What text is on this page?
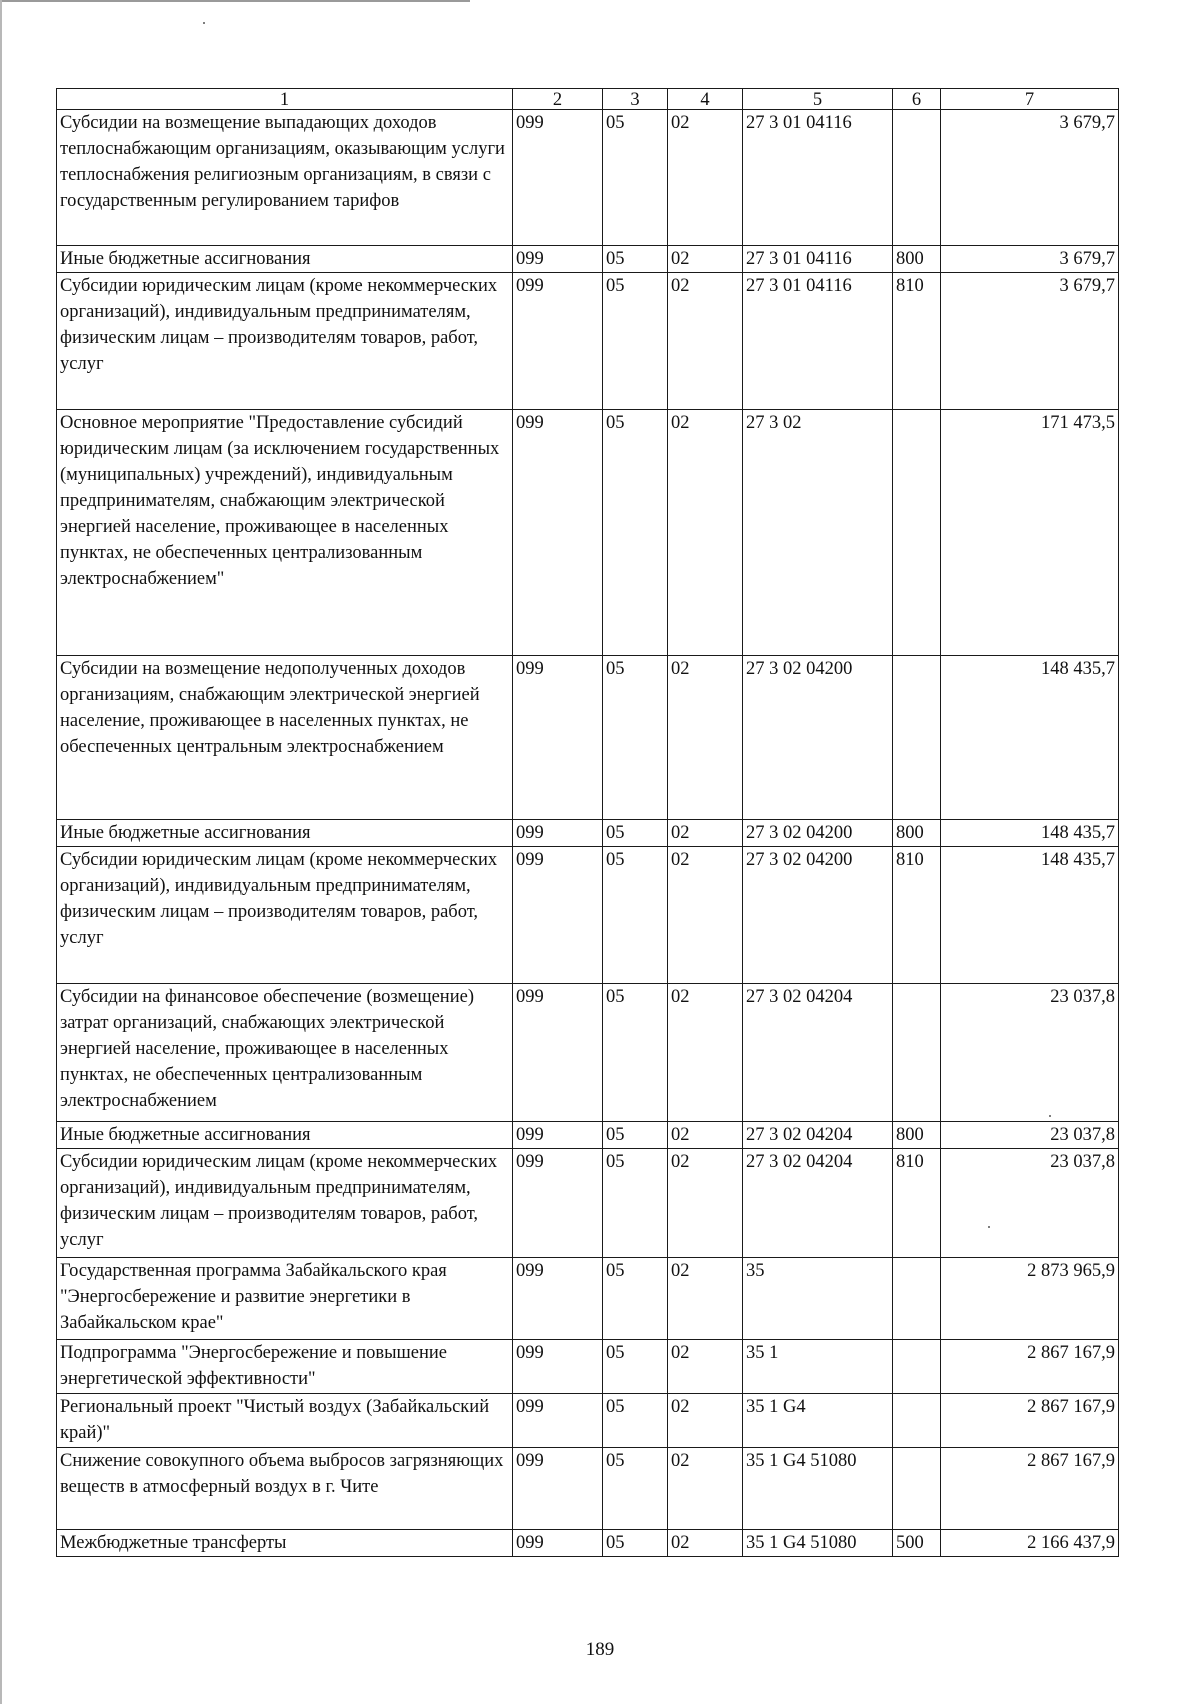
1	2	3	4	5	6	7
Субсидии на возмещение выпадающих доходов теплоснабжающим организациям, оказывающим услуги теплоснабжения религиозным организациям, в связи с государственным регулированием тарифов	099	05	02	27 3 01 04116		3 679,7
Иные бюджетные ассигнования	099	05	02	27 3 01 04116	800	3 679,7
Субсидии юридическим лицам (кроме некоммерческих организаций), индивидуальным предпринимателям, физическим лицам – производителям товаров, работ, услуг	099	05	02	27 3 01 04116	810	3 679,7
Основное мероприятие "Предоставление субсидий юридическим лицам (за исключением государственных (муниципальных) учреждений), индивидуальным предпринимателям, снабжающим электрической энергией население, проживающее в населенных пунктах, не обеспеченных централизованным электроснабжением"	099	05	02	27 3 02		171 473,5
Субсидии на возмещение недополученных доходов организациям, снабжающим электрической энергией население, проживающее в населенных пунктах, не обеспеченных центральным электроснабжением	099	05	02	27 3 02 04200		148 435,7
Иные бюджетные ассигнования	099	05	02	27 3 02 04200	800	148 435,7
Субсидии юридическим лицам (кроме некоммерческих организаций), индивидуальным предпринимателям, физическим лицам – производителям товаров, работ, услуг	099	05	02	27 3 02 04200	810	148 435,7
Субсидии на финансовое обеспечение (возмещение) затрат организаций, снабжающих электрической энергией население, проживающее в населенных пунктах, не обеспеченных централизованным электроснабжением	099	05	02	27 3 02 04204		23 037,8
Иные бюджетные ассигнования	099	05	02	27 3 02 04204	800	23 037,8
Субсидии юридическим лицам (кроме некоммерческих организаций), индивидуальным предпринимателям, физическим лицам – производителям товаров, работ, услуг	099	05	02	27 3 02 04204	810	23 037,8
Государственная программа Забайкальского края "Энергосбережение и развитие энергетики в Забайкальском крае"	099	05	02	35		2 873 965,9
Подпрограмма "Энергосбережение и повышение энергетической эффективности"	099	05	02	35 1		2 867 167,9
Региональный проект "Чистый воздух (Забайкальский край)"	099	05	02	35 1 G4		2 867 167,9
Снижение совокупного объема выбросов загрязняющих веществ в атмосферный воздух в г. Чите	099	05	02	35 1 G4 51080		2 867 167,9
Межбюджетные трансферты	099	05	02	35 1 G4 51080	500	2 166 437,9
189
